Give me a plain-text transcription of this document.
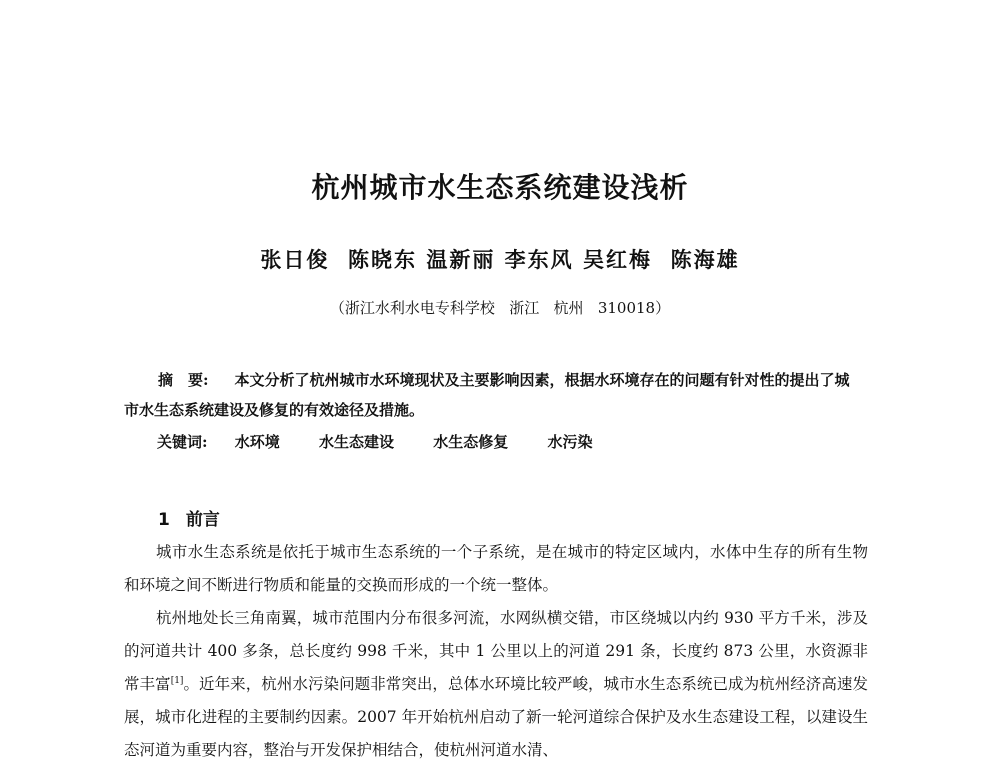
杭州城市水生态系统建设浅析
张日俊  陈晓东 温新丽 李东风 吴红梅  陈海雄
（浙江水利水电专科学校   浙江   杭州   310018）
摘　要: 本文分析了杭州城市水环境现状及主要影响因素，根据水环境存在的问题有针对性的提出了城市水生态系统建设及修复的有效途径及措施。
关键词: 水环境	水生态建设	水生态修复	水污染
1 前言
城市水生态系统是依托于城市生态系统的一个子系统，是在城市的特定区域内，水体中生存的所有生物和环境之间不断进行物质和能量的交换而形成的一个统一整体。
杭州地处长三角南翼，城市范围内分布很多河流，水网纵横交错，市区绕城以内约 930 平方千米，涉及的河道共计 400 多条，总长度约 998 千米，其中 1 公里以上的河道 291 条，长度约 873 公里，水资源非常丰富[1]。近年来，杭州水污染问题非常突出，总体水环境比较严峻，城市水生态系统已成为杭州经济高速发展，城市化进程的主要制约因素。2007 年开始杭州启动了新一轮河道综合保护及水生态建设工程，以建设生态河道为重要内容，整治与开发保护相结合，使杭州河道水清、
